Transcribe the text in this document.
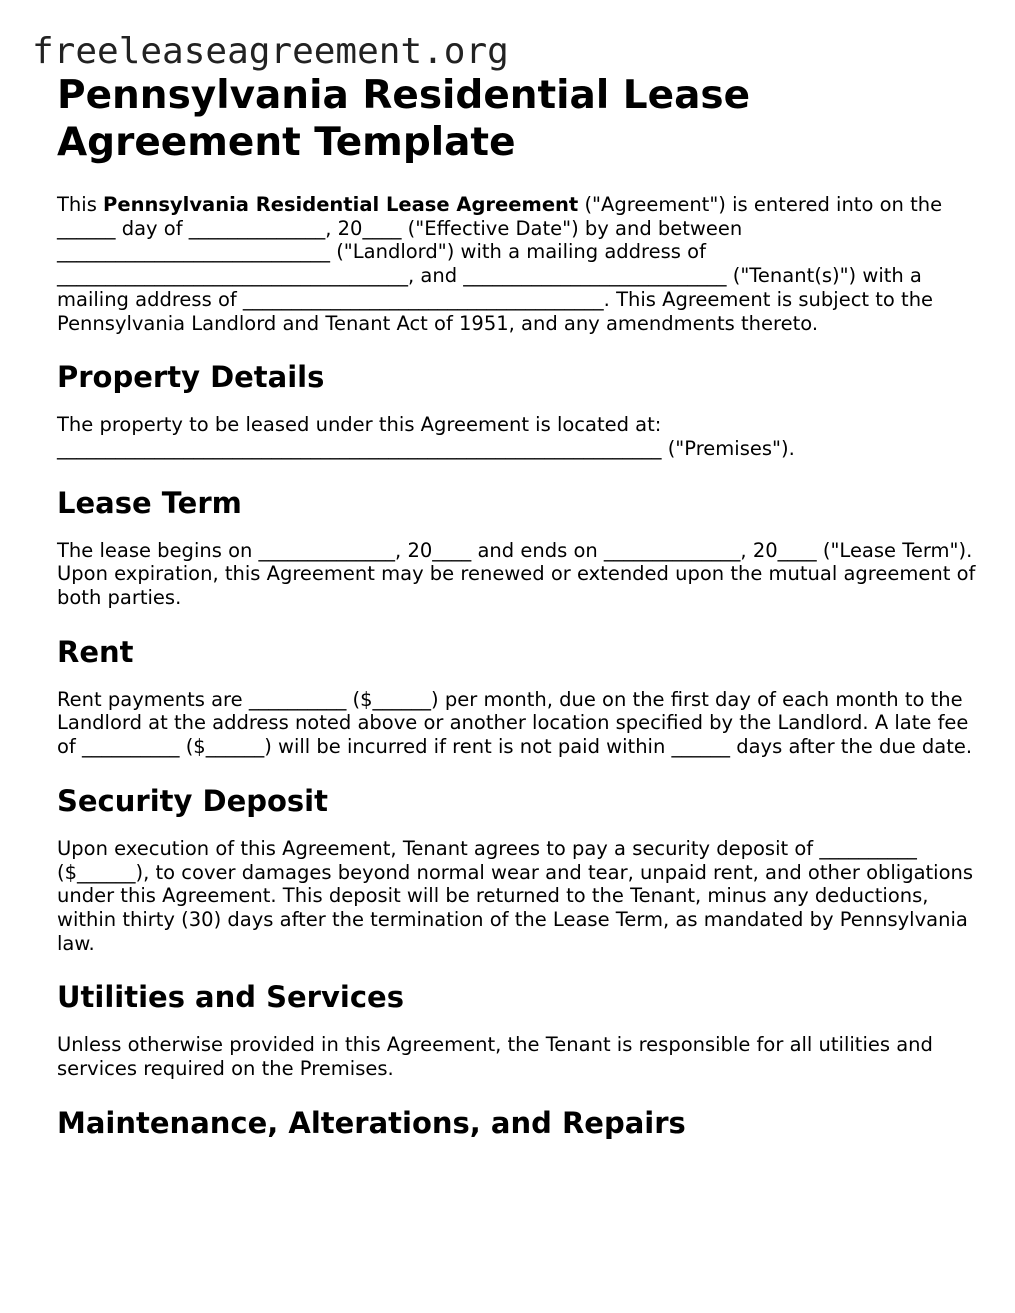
freeleaseagreement.org
Pennsylvania Residential Lease Agreement Template

This Pennsylvania Residential Lease Agreement ("Agreement") is entered into on the ______ day of ______________, 20____ ("Effective Date") by and between ____________________________ ("Landlord") with a mailing address of ____________________________________, and ___________________________ ("Tenant(s)") with a mailing address of _____________________________________. This Agreement is subject to the Pennsylvania Landlord and Tenant Act of 1951, and any amendments thereto.

Property Details

The property to be leased under this Agreement is located at: ______________________________________________________________ ("Premises").

Lease Term

The lease begins on ______________, 20____ and ends on ______________, 20____ ("Lease Term"). Upon expiration, this Agreement may be renewed or extended upon the mutual agreement of both parties.

Rent

Rent payments are __________ ($______) per month, due on the first day of each month to the Landlord at the address noted above or another location specified by the Landlord. A late fee of __________ ($______) will be incurred if rent is not paid within ______ days after the due date.

Security Deposit

Upon execution of this Agreement, Tenant agrees to pay a security deposit of __________ ($______), to cover damages beyond normal wear and tear, unpaid rent, and other obligations under this Agreement. This deposit will be returned to the Tenant, minus any deductions, within thirty (30) days after the termination of the Lease Term, as mandated by Pennsylvania law.

Utilities and Services

Unless otherwise provided in this Agreement, the Tenant is responsible for all utilities and services required on the Premises.

Maintenance, Alterations, and Repairs
